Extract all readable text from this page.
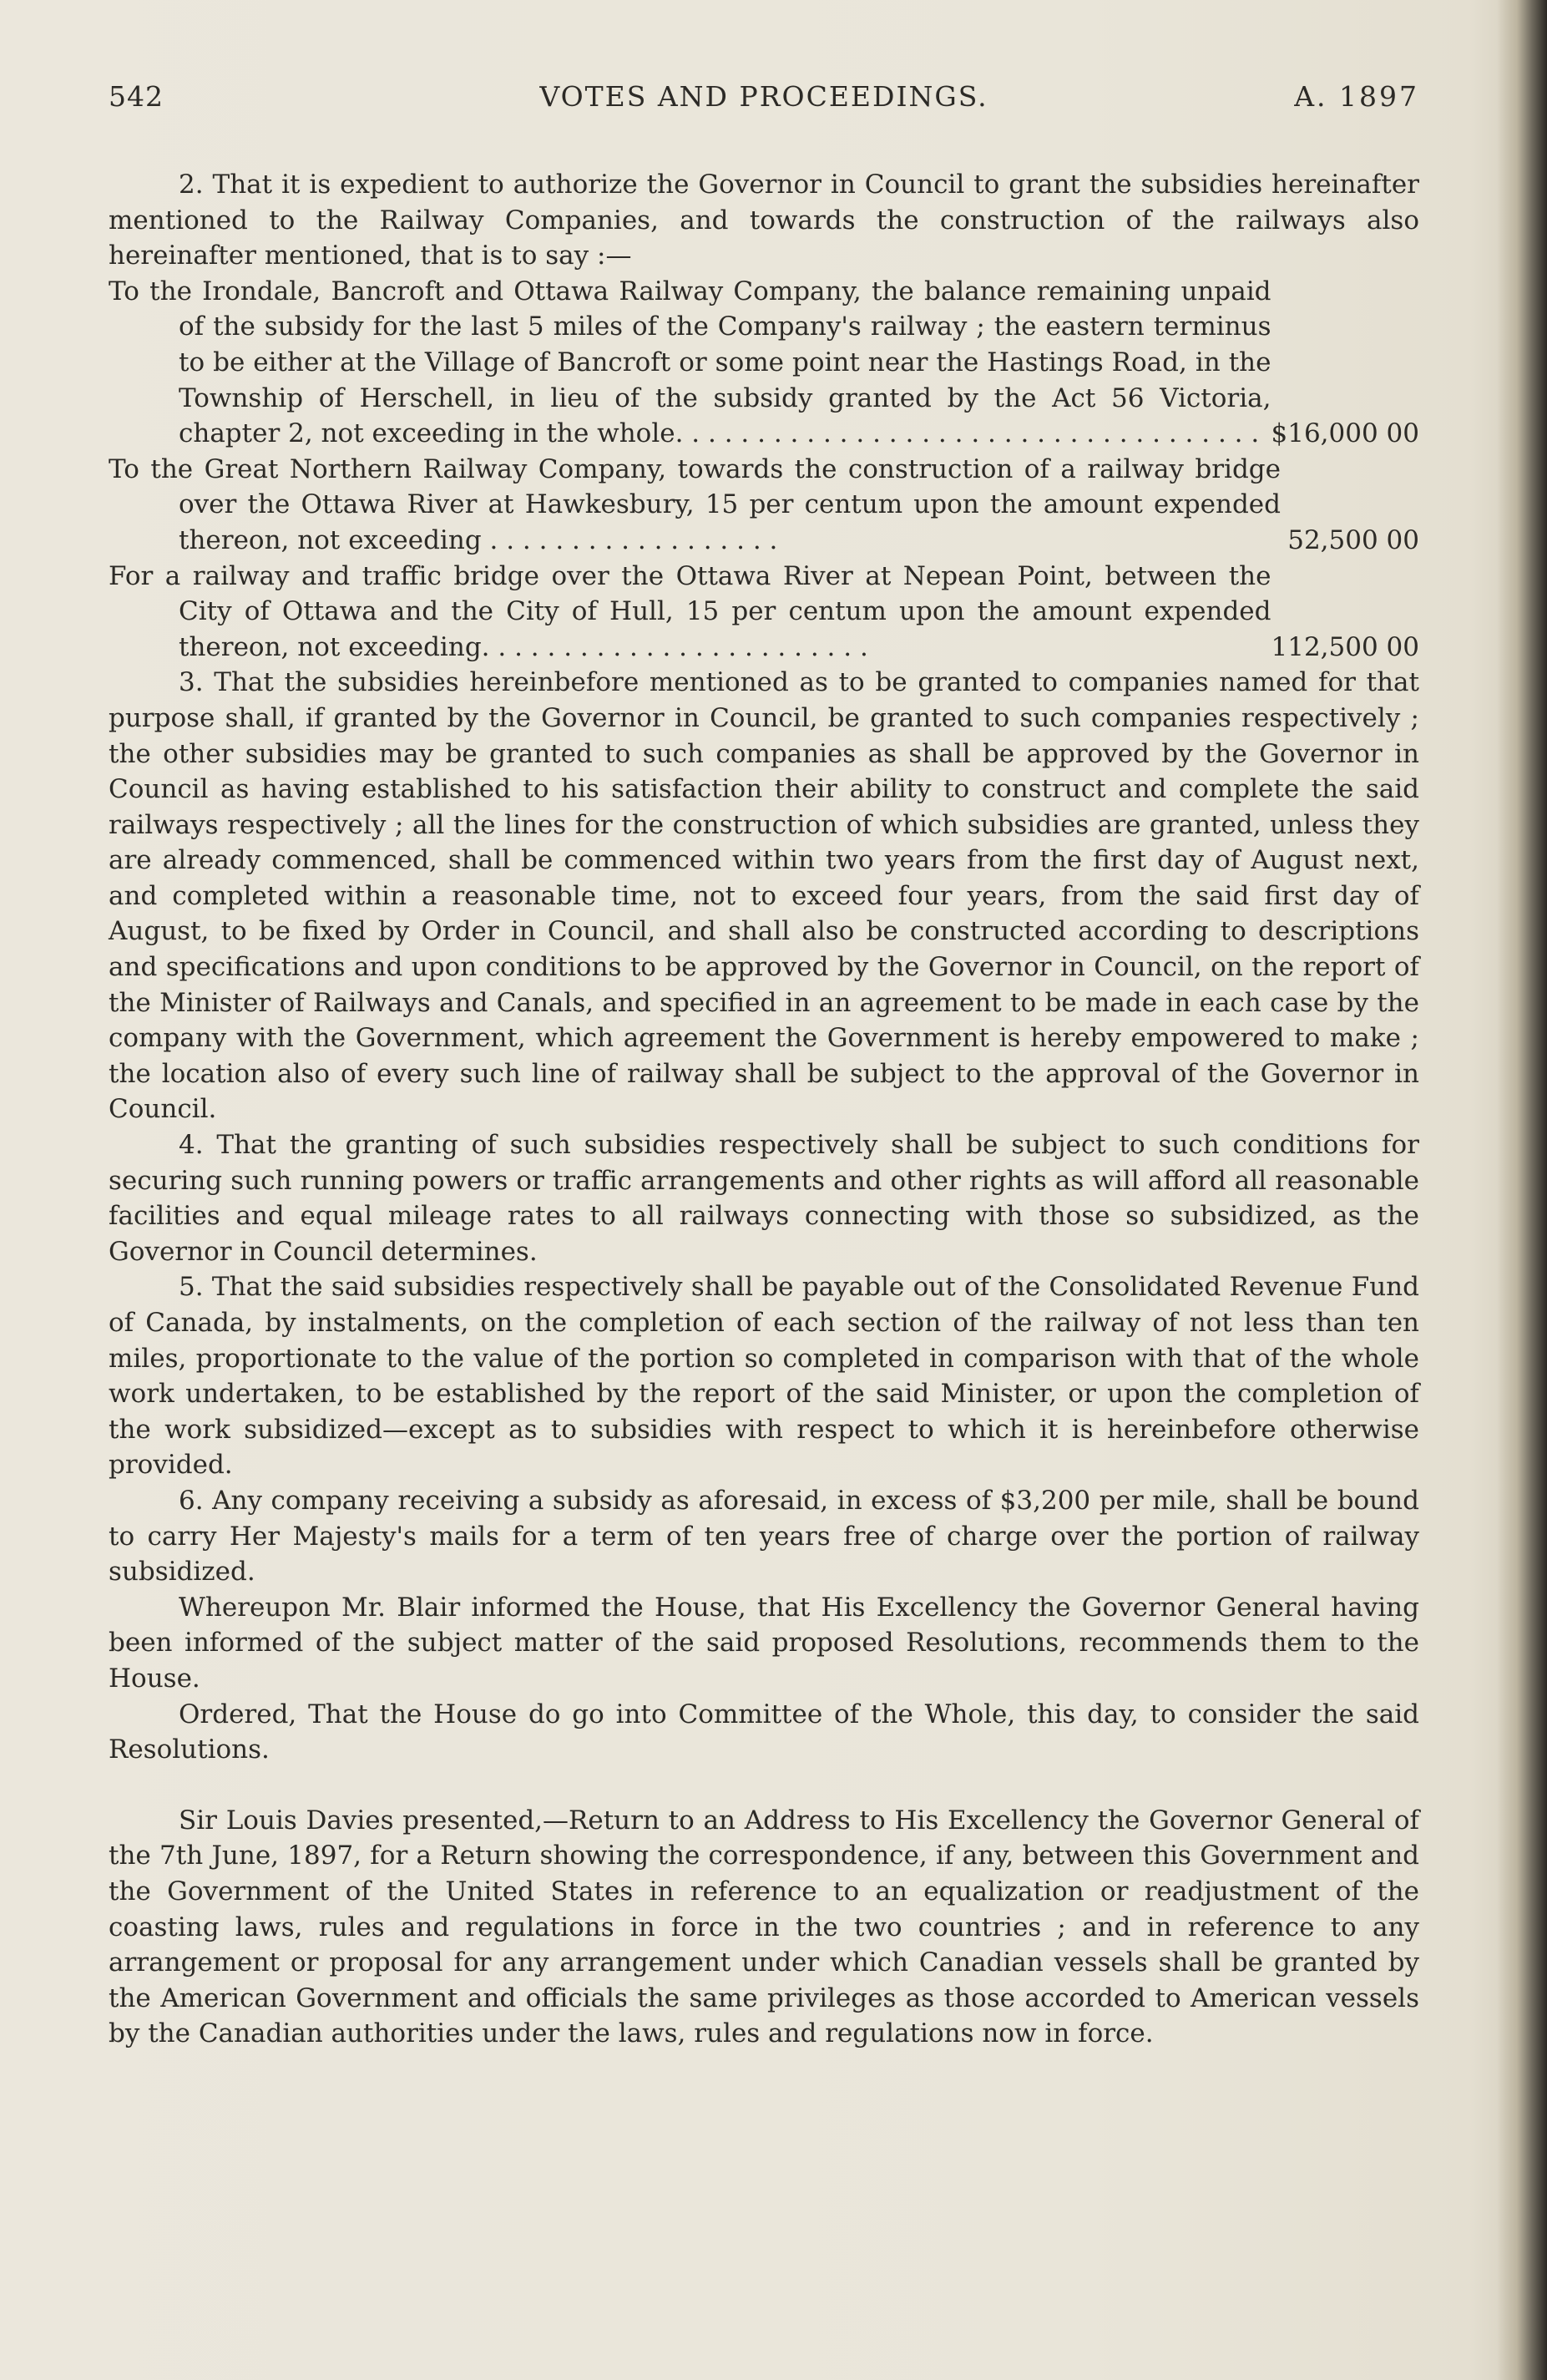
542	VOTES AND PROCEEDINGS.	A. 1897

2. That it is expedient to authorize the Governor in Council to grant the subsidies hereinafter mentioned to the Railway Companies, and towards the construction of the railways also hereinafter mentioned, that is to say :—

To the Irondale, Bancroft and Ottawa Railway Company, the balance remaining unpaid of the subsidy for the last 5 miles of the Company's railway ; the eastern terminus to be either at the Village of Bancroft or some point near the Hastings Road, in the Township of Herschell, in lieu of the subsidy granted by the Act 56 Victoria, chapter 2, not exceeding in the whole. . . . . . . . . . . . . . . . . . . . . . . . . . . . . . . . . . . . $16,000 00
To the Great Northern Railway Company, towards the construction of a railway bridge over the Ottawa River at Hawkesbury, 15 per centum upon the amount expended thereon, not exceeding . . . . . . . . . . . . . . . . . .	52,500 00
For a railway and traffic bridge over the Ottawa River at Nepean Point, between the City of Ottawa and the City of Hull, 15 per centum upon the amount expended thereon, not exceeding. . . . . . . . . . . . . . . . . . . . . . . .	112,500 00

3. That the subsidies hereinbefore mentioned as to be granted to companies named for that purpose shall, if granted by the Governor in Council, be granted to such companies respectively ; the other subsidies may be granted to such companies as shall be approved by the Governor in Council as having established to his satisfaction their ability to construct and complete the said railways respectively ; all the lines for the construction of which subsidies are granted, unless they are already commenced, shall be commenced within two years from the first day of August next, and completed within a reasonable time, not to exceed four years, from the said first day of August, to be fixed by Order in Council, and shall also be constructed according to descriptions and specifications and upon conditions to be approved by the Governor in Council, on the report of the Minister of Railways and Canals, and specified in an agreement to be made in each case by the company with the Government, which agreement the Government is hereby empowered to make ; the location also of every such line of railway shall be subject to the approval of the Governor in Council.

4. That the granting of such subsidies respectively shall be subject to such conditions for securing such running powers or traffic arrangements and other rights as will afford all reasonable facilities and equal mileage rates to all railways connecting with those so subsidized, as the Governor in Council determines.

5. That the said subsidies respectively shall be payable out of the Consolidated Revenue Fund of Canada, by instalments, on the completion of each section of the railway of not less than ten miles, proportionate to the value of the portion so completed in comparison with that of the whole work undertaken, to be established by the report of the said Minister, or upon the completion of the work subsidized—except as to subsidies with respect to which it is hereinbefore otherwise provided.

6. Any company receiving a subsidy as aforesaid, in excess of $3,200 per mile, shall be bound to carry Her Majesty's mails for a term of ten years free of charge over the portion of railway subsidized.

Whereupon Mr. Blair informed the House, that His Excellency the Governor General having been informed of the subject matter of the said proposed Resolutions, recommends them to the House.

Ordered, That the House do go into Committee of the Whole, this day, to consider the said Resolutions.

Sir Louis Davies presented,—Return to an Address to His Excellency the Governor General of the 7th June, 1897, for a Return showing the correspondence, if any, between this Government and the Government of the United States in reference to an equalization or readjustment of the coasting laws, rules and regulations in force in the two countries ; and in reference to any arrangement or proposal for any arrangement under which Canadian vessels shall be granted by the American Government and officials the same privileges as those accorded to American vessels by the Canadian authorities under the laws, rules and regulations now in force.
